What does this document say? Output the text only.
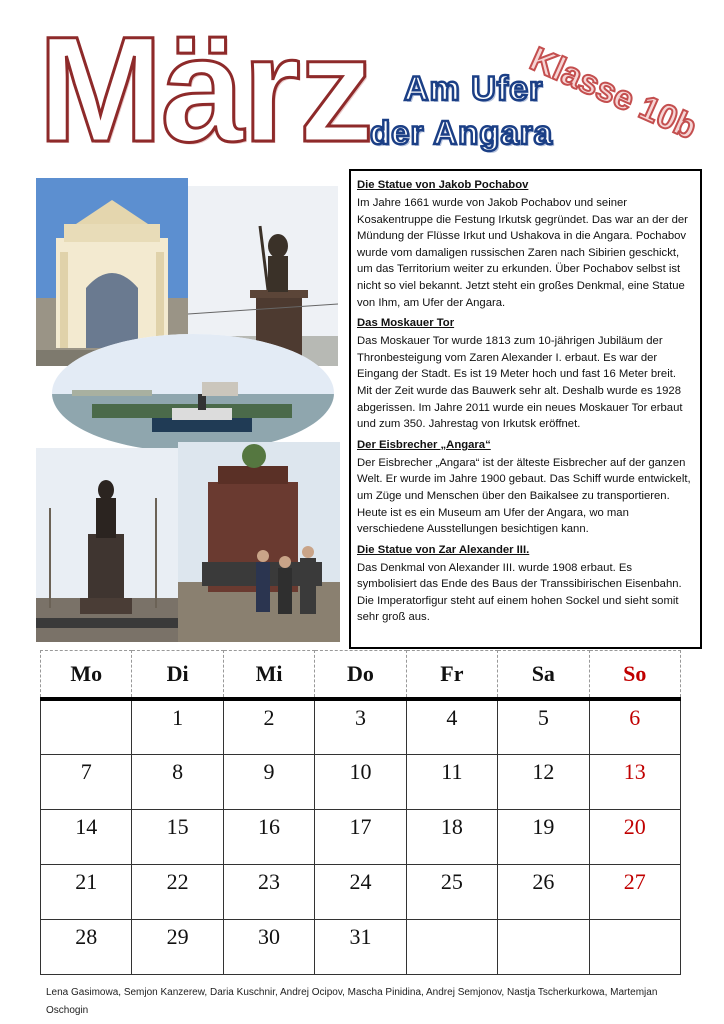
März Am Ufer
der Angara
Klasse 10b
Die Statue von Jakob Pochabov

Im Jahre 1661 wurde von Jakob Pochabov und seiner Kosakentruppe die Festung Irkutsk gegründet. Das war an der der Mündung der Flüsse Irkut und Ushakova in die Angara. Pochabov wurde vom damaligen russischen Zaren nach Sibirien geschickt, um das Territorium weiter zu erkunden. Über Pochabov selbst ist nicht so viel bekannt. Jetzt steht ein großes Denkmal, eine Statue von Ihm, am Ufer der Angara.

Das Moskauer Tor

Das Moskauer Tor wurde 1813 zum 10-jährigen Jubiläum der Thronbesteigung vom Zaren Alexander I. erbaut. Es war der Eingang der Stadt. Es ist 19 Meter hoch und fast 16 Meter breit. Mit der Zeit wurde das Bauwerk sehr alt. Deshalb wurde es 1928 abgerissen. Im Jahre 2011 wurde ein neues Moskauer Tor erbaut und zum 350. Jahrestag von Irkutsk eröffnet.

Der Eisbrecher „Angara“

Der Eisbrecher „Angara“ ist der älteste Eisbrecher auf der ganzen Welt. Er wurde im Jahre 1900 gebaut. Das Schiff wurde entwickelt, um Züge und Menschen über den Baikalsee zu transportieren. Heute ist es ein Museum am Ufer der Angara, wo man verschiedene Ausstellungen besichtigen kann.

Die Statue von Zar Alexander III.

Das Denkmal von Alexander III. wurde 1908 erbaut. Es symbolisiert das Ende des Baus der Transsibirischen Eisenbahn. Die Imperatorfigur steht auf einem hohen Sockel und sieht somit sehr groß aus.

Mo	Di	Mi	Do	Fr	Sa	So
	1	2	3	4	5	6
7	8	9	10	11	12	13
14	15	16	17	18	19	20
21	22	23	24	25	26	27
28	29	30	31			
Lena Gasimowa, Semjon Kanzerew, Daria Kuschnir, Andrej Ocipov, Mascha Pinidina, Andrej Semjonov, Nastja Tscherkurkowa, Martemjan Oschogin
